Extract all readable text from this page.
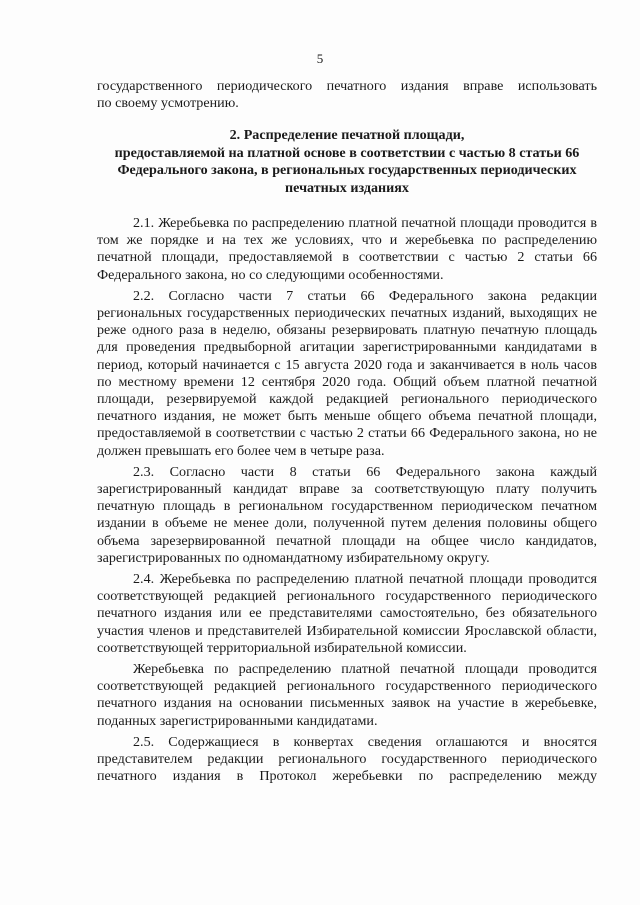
5

государственного периодического печатного издания вправе использовать

по своему усмотрению.

2. Распределение печатной площади,
предоставляемой на платной основе в соответствии с частью 8 статьи 66
Федерального закона, в региональных государственных периодических
печатных изданиях

2.1. Жеребьевка по распределению платной печатной площади проводится в том же порядке и на тех же условиях, что и жеребьевка по распределению печатной площади, предоставляемой в соответствии с частью 2 статьи 66 Федерального закона, но со следующими особенностями.

2.2. Согласно части 7 статьи 66 Федерального закона редакции региональных государственных периодических печатных изданий, выходящих не реже одного раза в неделю, обязаны резервировать платную печатную площадь для проведения предвыборной агитации зарегистрированными кандидатами в период, который начинается с 15 августа 2020 года и заканчивается в ноль часов по местному времени 12 сентября 2020 года. Общий объем платной печатной площади, резервируемой каждой редакцией регионального периодического печатного издания, не может быть меньше общего объема печатной площади, предоставляемой в соответствии с частью 2 статьи 66 Федерального закона, но не должен превышать его более чем в четыре раза.

2.3. Согласно части 8 статьи 66 Федерального закона каждый зарегистрированный кандидат вправе за соответствующую плату получить печатную площадь в региональном государственном периодическом печатном издании в объеме не менее доли, полученной путем деления половины общего объема зарезервированной печатной площади на общее число кандидатов, зарегистрированных по одномандатному избирательному округу.

2.4. Жеребьевка по распределению платной печатной площади проводится соответствующей редакцией регионального государственного периодического печатного издания или ее представителями самостоятельно, без обязательного участия членов и представителей Избирательной комиссии Ярославской области, соответствующей территориальной избирательной комиссии.

Жеребьевка по распределению платной печатной площади проводится соответствующей редакцией регионального государственного периодического печатного издания на основании письменных заявок на участие в жеребьевке, поданных зарегистрированными кандидатами.

2.5. Содержащиеся в конвертах сведения оглашаются и вносятся представителем редакции регионального государственного периодического печатного издания в Протокол жеребьевки по распределению между
